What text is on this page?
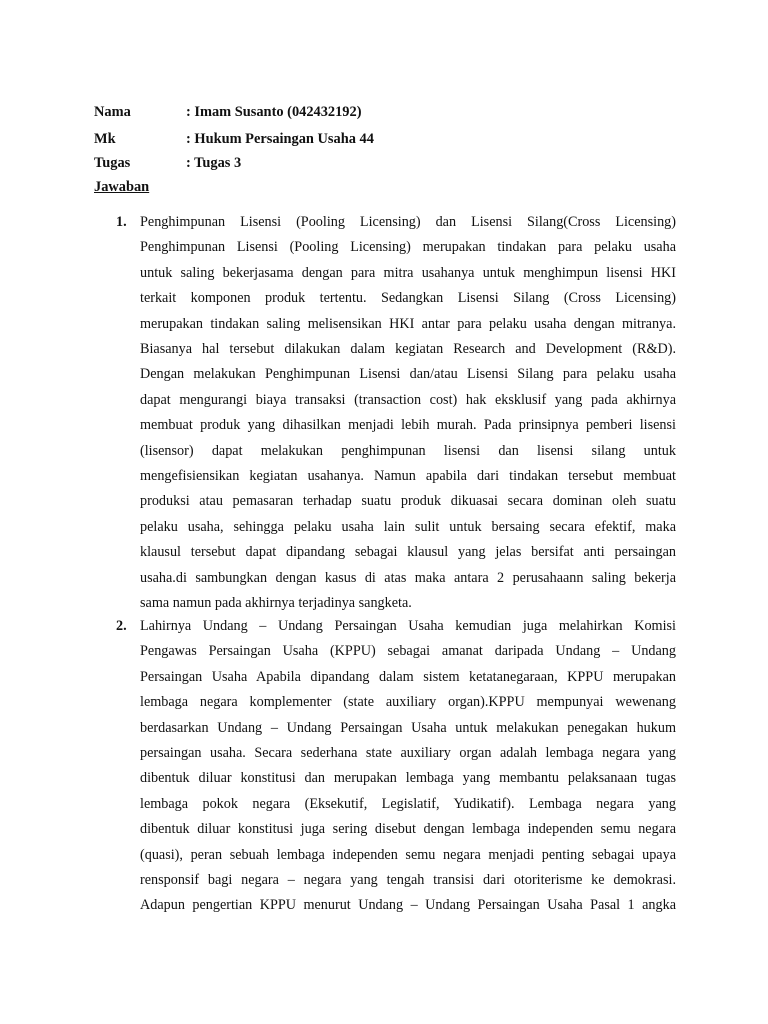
Nama	: Imam Susanto (042432192)
Mk	: Hukum Persaingan Usaha 44
Tugas	: Tugas 3
Jawaban
1. Penghimpunan Lisensi (Pooling Licensing) dan Lisensi Silang(Cross Licensing)
Penghimpunan Lisensi (Pooling Licensing) merupakan tindakan para pelaku usaha
untuk saling bekerjasama dengan para mitra usahanya untuk menghimpun lisensi HKI
terkait komponen produk tertentu. Sedangkan Lisensi Silang (Cross Licensing)
merupakan tindakan saling melisensikan HKI antar para pelaku usaha dengan mitranya.
Biasanya hal tersebut dilakukan dalam kegiatan Research and Development (R&D).
Dengan melakukan Penghimpunan Lisensi dan/atau Lisensi Silang para pelaku usaha
dapat mengurangi biaya transaksi (transaction cost) hak eksklusif yang pada akhirnya
membuat produk yang dihasilkan menjadi lebih murah. Pada prinsipnya pemberi lisensi
(lisensor) dapat melakukan penghimpunan lisensi dan lisensi silang untuk
mengefisiensikan kegiatan usahanya. Namun apabila dari tindakan tersebut membuat
produksi atau pemasaran terhadap suatu produk dikuasai secara dominan oleh suatu
pelaku usaha, sehingga pelaku usaha lain sulit untuk bersaing secara efektif, maka
klausul tersebut dapat dipandang sebagai klausul yang jelas bersifat anti persaingan
usaha.di sambungkan dengan kasus di atas maka antara 2 perusahaann saling bekerja
sama namun pada akhirnya terjadinya sangketa.
2. Lahirnya Undang – Undang Persaingan Usaha kemudian juga melahirkan Komisi
Pengawas Persaingan Usaha (KPPU) sebagai amanat daripada Undang – Undang
Persaingan Usaha Apabila dipandang dalam sistem ketatanegaraan, KPPU merupakan
lembaga negara komplementer (state auxiliary organ).KPPU mempunyai wewenang
berdasarkan Undang – Undang Persaingan Usaha untuk melakukan penegakan hukum
persaingan usaha. Secara sederhana state auxiliary organ adalah lembaga negara yang
dibentuk diluar konstitusi dan merupakan lembaga yang membantu pelaksanaan tugas
lembaga pokok negara (Eksekutif, Legislatif, Yudikatif). Lembaga negara yang
dibentuk diluar konstitusi juga sering disebut dengan lembaga independen semu negara
(quasi), peran sebuah lembaga independen semu negara menjadi penting sebagai upaya
rensponsif bagi negara – negara yang tengah transisi dari otoriterisme ke demokrasi.
Adapun pengertian KPPU menurut Undang – Undang Persaingan Usaha Pasal 1 angka
